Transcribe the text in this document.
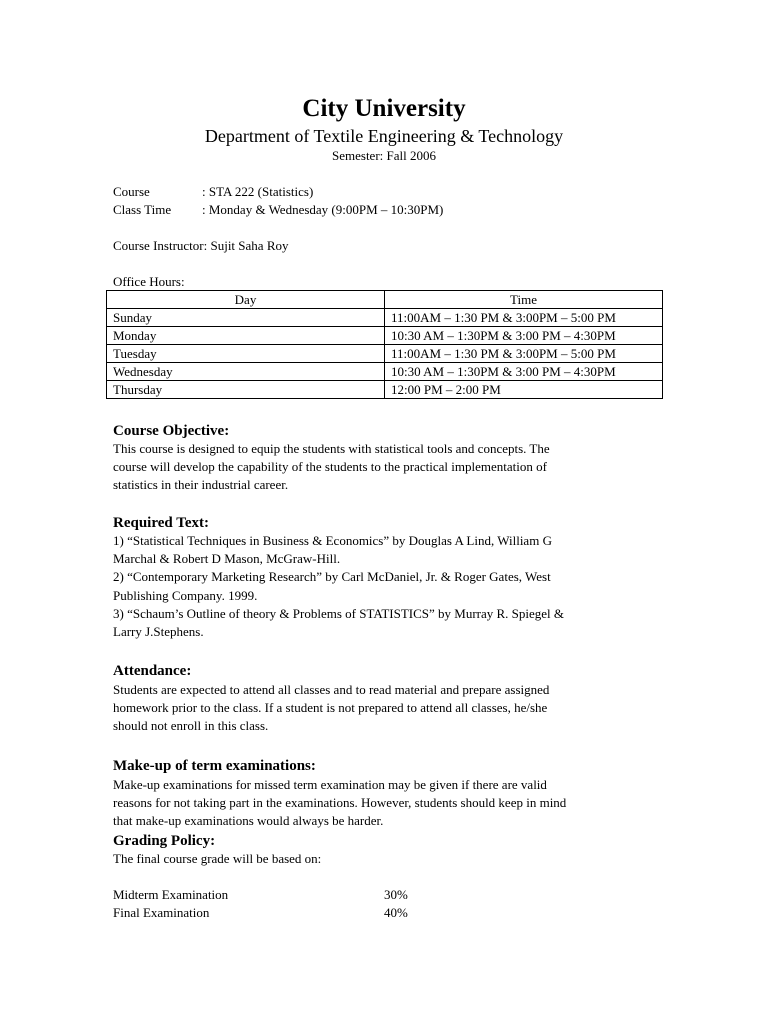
City University
Department of Textile Engineering & Technology
Semester: Fall 2006
Course	: STA 222 (Statistics)
Class Time : Monday & Wednesday (9:00PM – 10:30PM)
Course Instructor: Sujit Saha Roy
Office Hours:
Day	Time
Sunday	11:00AM – 1:30 PM & 3:00PM – 5:00 PM
Monday	10:30 AM – 1:30PM & 3:00 PM – 4:30PM
Tuesday	11:00AM – 1:30 PM & 3:00PM – 5:00 PM
Wednesday	10:30 AM – 1:30PM & 3:00 PM – 4:30PM
Thursday	12:00 PM – 2:00 PM
Course Objective:
This course is designed to equip the students with statistical tools and concepts. The
course will develop the capability of the students to the practical implementation of
statistics in their industrial career.
Required Text:
1) “Statistical Techniques in Business & Economics” by Douglas A Lind, William G
Marchal & Robert D Mason, McGraw-Hill.
2) “Contemporary Marketing Research” by Carl McDaniel, Jr. & Roger Gates, West
Publishing Company. 1999.
3) “Schaum’s Outline of theory & Problems of STATISTICS” by Murray R. Spiegel &
Larry J.Stephens.
Attendance:
Students are expected to attend all classes and to read material and prepare assigned
homework prior to the class. If a student is not prepared to attend all classes, he/she
should not enroll in this class.
Make-up of term examinations:
Make-up examinations for missed term examination may be given if there are valid
reasons for not taking part in the examinations. However, students should keep in mind
that make-up examinations would always be harder.
Grading Policy:
The final course grade will be based on:
Midterm Examination	30%
Final Examination	40%
